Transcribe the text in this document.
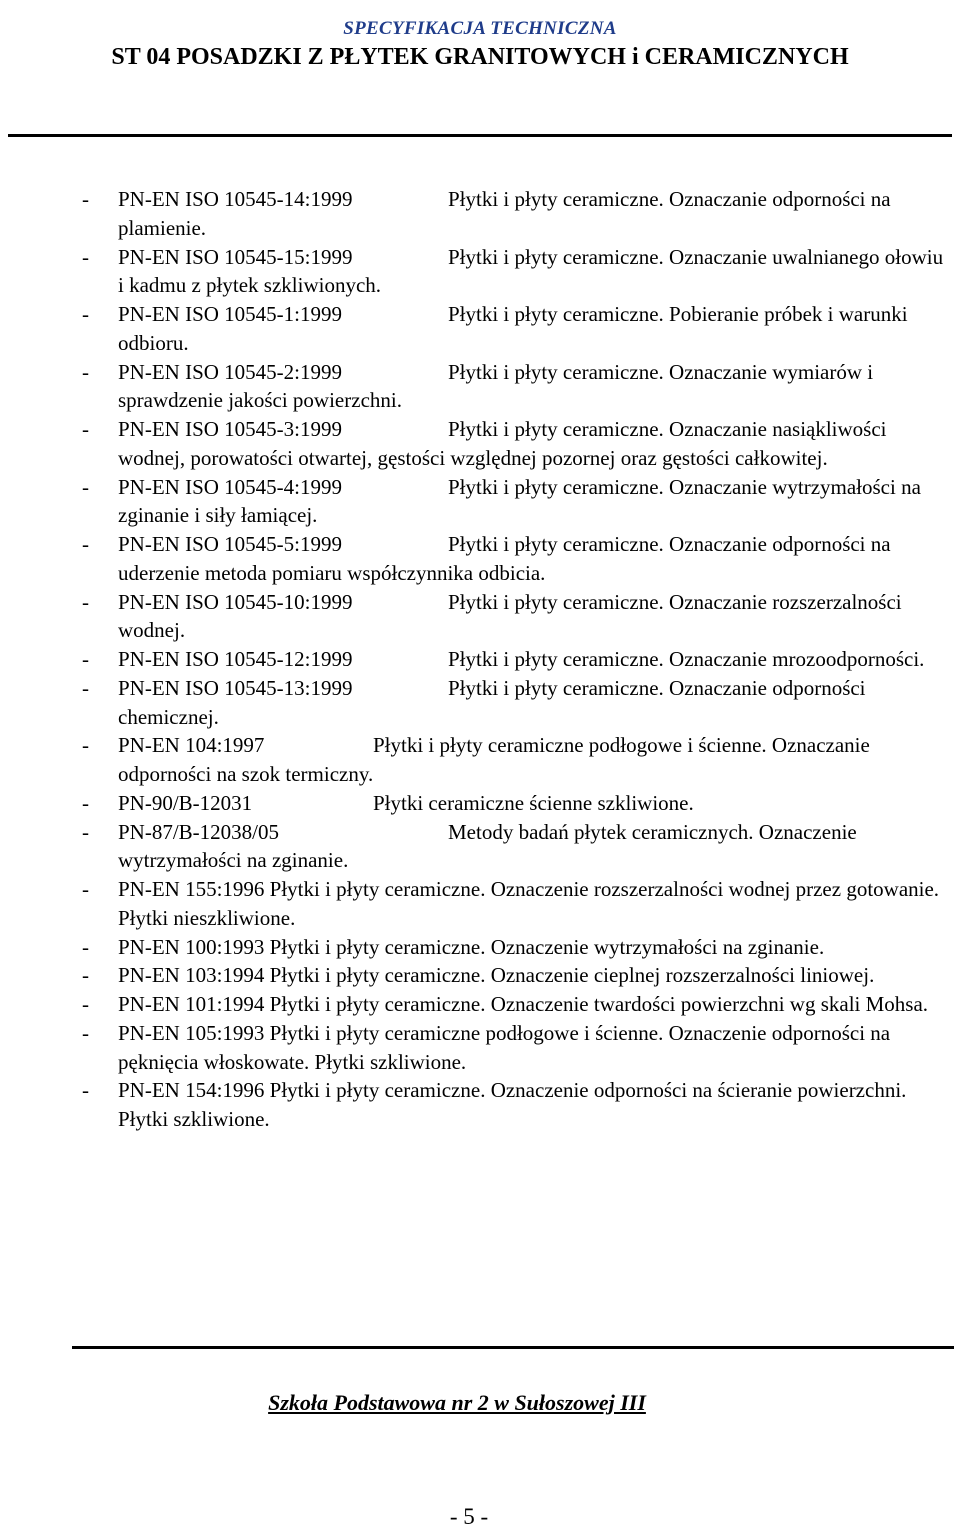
SPECYFIKACJA TECHNICZNA
ST 04 POSADZKI Z PŁYTEK GRANITOWYCH i CERAMICZNYCH
- PN-EN ISO 10545-14:1999	Płytki i płyty ceramiczne. Oznaczanie odporności na plamienie.
- PN-EN ISO 10545-15:1999	Płytki i płyty ceramiczne. Oznaczanie uwalnianego ołowiu i kadmu z płytek szkliwionych.
- PN-EN ISO 10545-1:1999	Płytki i płyty ceramiczne. Pobieranie próbek i warunki odbioru.
- PN-EN ISO 10545-2:1999	Płytki i płyty ceramiczne. Oznaczanie wymiarów i sprawdzenie jakości powierzchni.
- PN-EN ISO 10545-3:1999	Płytki i płyty ceramiczne. Oznaczanie nasiąkliwości wodnej, porowatości otwartej, gęstości względnej pozornej oraz gęstości całkowitej.
- PN-EN ISO 10545-4:1999	Płytki i płyty ceramiczne. Oznaczanie wytrzymałości na zginanie i siły łamiącej.
- PN-EN ISO 10545-5:1999	Płytki i płyty ceramiczne. Oznaczanie odporności na uderzenie metoda pomiaru współczynnika odbicia.
- PN-EN ISO 10545-10:1999	Płytki i płyty ceramiczne. Oznaczanie rozszerzalności wodnej.
- PN-EN ISO 10545-12:1999	Płytki i płyty ceramiczne. Oznaczanie mrozoodporności.
- PN-EN ISO 10545-13:1999	Płytki i płyty ceramiczne. Oznaczanie odporności chemicznej.
- PN-EN 104:1997	Płytki i płyty ceramiczne podłogowe i ścienne. Oznaczanie odporności na szok termiczny.
- PN-90/B-12031	Płytki ceramiczne ścienne szkliwione.
- PN-87/B-12038/05	Metody badań płytek ceramicznych. Oznaczenie wytrzymałości na zginanie.
- PN-EN 155:1996 Płytki i płyty ceramiczne. Oznaczenie rozszerzalności wodnej przez gotowanie. Płytki nieszkliwione.
- PN-EN 100:1993 Płytki i płyty ceramiczne. Oznaczenie wytrzymałości na zginanie.
- PN-EN 103:1994 Płytki i płyty ceramiczne. Oznaczenie cieplnej rozszerzalności liniowej.
- PN-EN 101:1994 Płytki i płyty ceramiczne. Oznaczenie twardości powierzchni wg skali Mohsa.
- PN-EN 105:1993 Płytki i płyty ceramiczne podłogowe i ścienne. Oznaczenie odporności na pęknięcia włoskowate. Płytki szkliwione.
- PN-EN 154:1996 Płytki i płyty ceramiczne. Oznaczenie odporności na ścieranie powierzchni. Płytki szkliwione.
Szkoła Podstawowa nr 2 w Sułoszowej III
- 5 -
